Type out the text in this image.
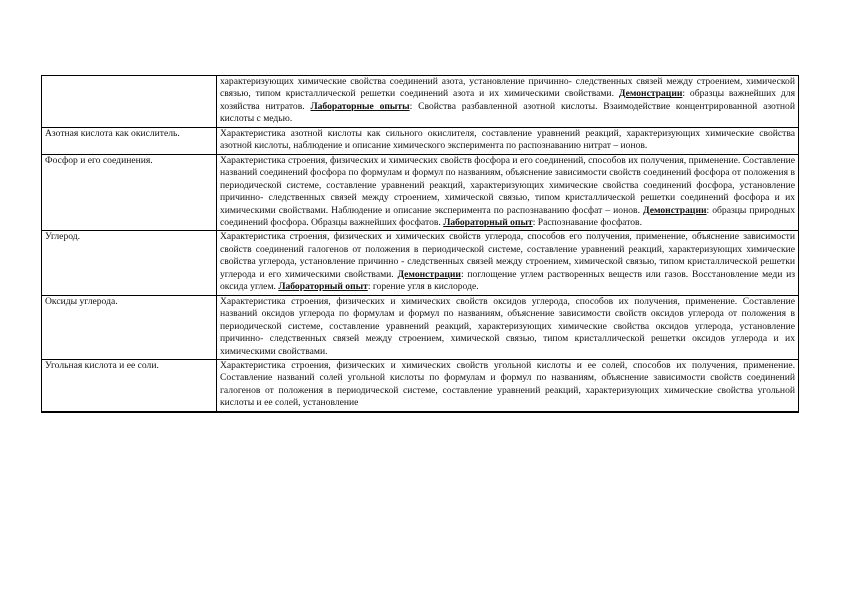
	характеризующих химические свойства соединений азота, установление причинно- следственных связей между строением, химической связью, типом кристаллической решетки соединений азота и их химическими свойствами. Демонстрации: образцы важнейших для хозяйства нитратов. Лабораторные опыты: Свойства разбавленной азотной кислоты. Взаимодействие концентрированной азотной кислоты с медью.
Азотная кислота как окислитель.	Характеристика азотной кислоты как сильного окислителя, составление уравнений реакций, характеризующих химические свойства азотной кислоты, наблюдение и описание химического эксперимента по распознаванию нитрат – ионов.
Фосфор и его соединения.	Характеристика строения, физических и химических свойств фосфора и его соединений, способов их получения, применение. Составление названий соединений фосфора по формулам и формул по названиям, объяснение зависимости свойств соединений фосфора от положения в периодической системе, составление уравнений реакций, характеризующих химические свойства соединений фосфора, установление причинно- следственных связей между строением, химической связью, типом кристаллической решетки соединений фосфора и их химическими свойствами. Наблюдение и описание эксперимента по распознаванию фосфат – ионов. Демонстрации: образцы природных соединений фосфора. Образцы важнейших фосфатов. Лабораторный опыт: Распознавание фосфатов.
Углерод.	Характеристика строения, физических и химических свойств углерода, способов его получения, применение, объяснение зависимости свойств соединений галогенов от положения в периодической системе, составление уравнений реакций, характеризующих химические свойства углерода, установление причинно - следственных связей между строением, химической связью, типом кристаллической решетки углерода и его химическими свойствами. Демонстрации: поглощение углем растворенных веществ или газов. Восстановление меди из оксида углем. Лабораторный опыт: горение угля в кислороде.
Оксиды углерода.	Характеристика строения, физических и химических свойств оксидов углерода, способов их получения, применение. Составление названий оксидов углерода по формулам и формул по названиям, объяснение зависимости свойств оксидов углерода от положения в периодической системе, составление уравнений реакций, характеризующих химические свойства оксидов углерода, установление причинно- следственных связей между строением, химической связью, типом кристаллической решетки оксидов углерода и их химическими свойствами.
Угольная кислота и ее соли.	Характеристика строения, физических и химических свойств угольной кислоты и ее солей, способов их получения, применение. Составление названий солей угольной кислоты по формулам и формул по названиям, объяснение зависимости свойств соединений галогенов от положения в периодической системе, составление уравнений реакций, характеризующих химические свойства угольной кислоты и ее солей, установление
